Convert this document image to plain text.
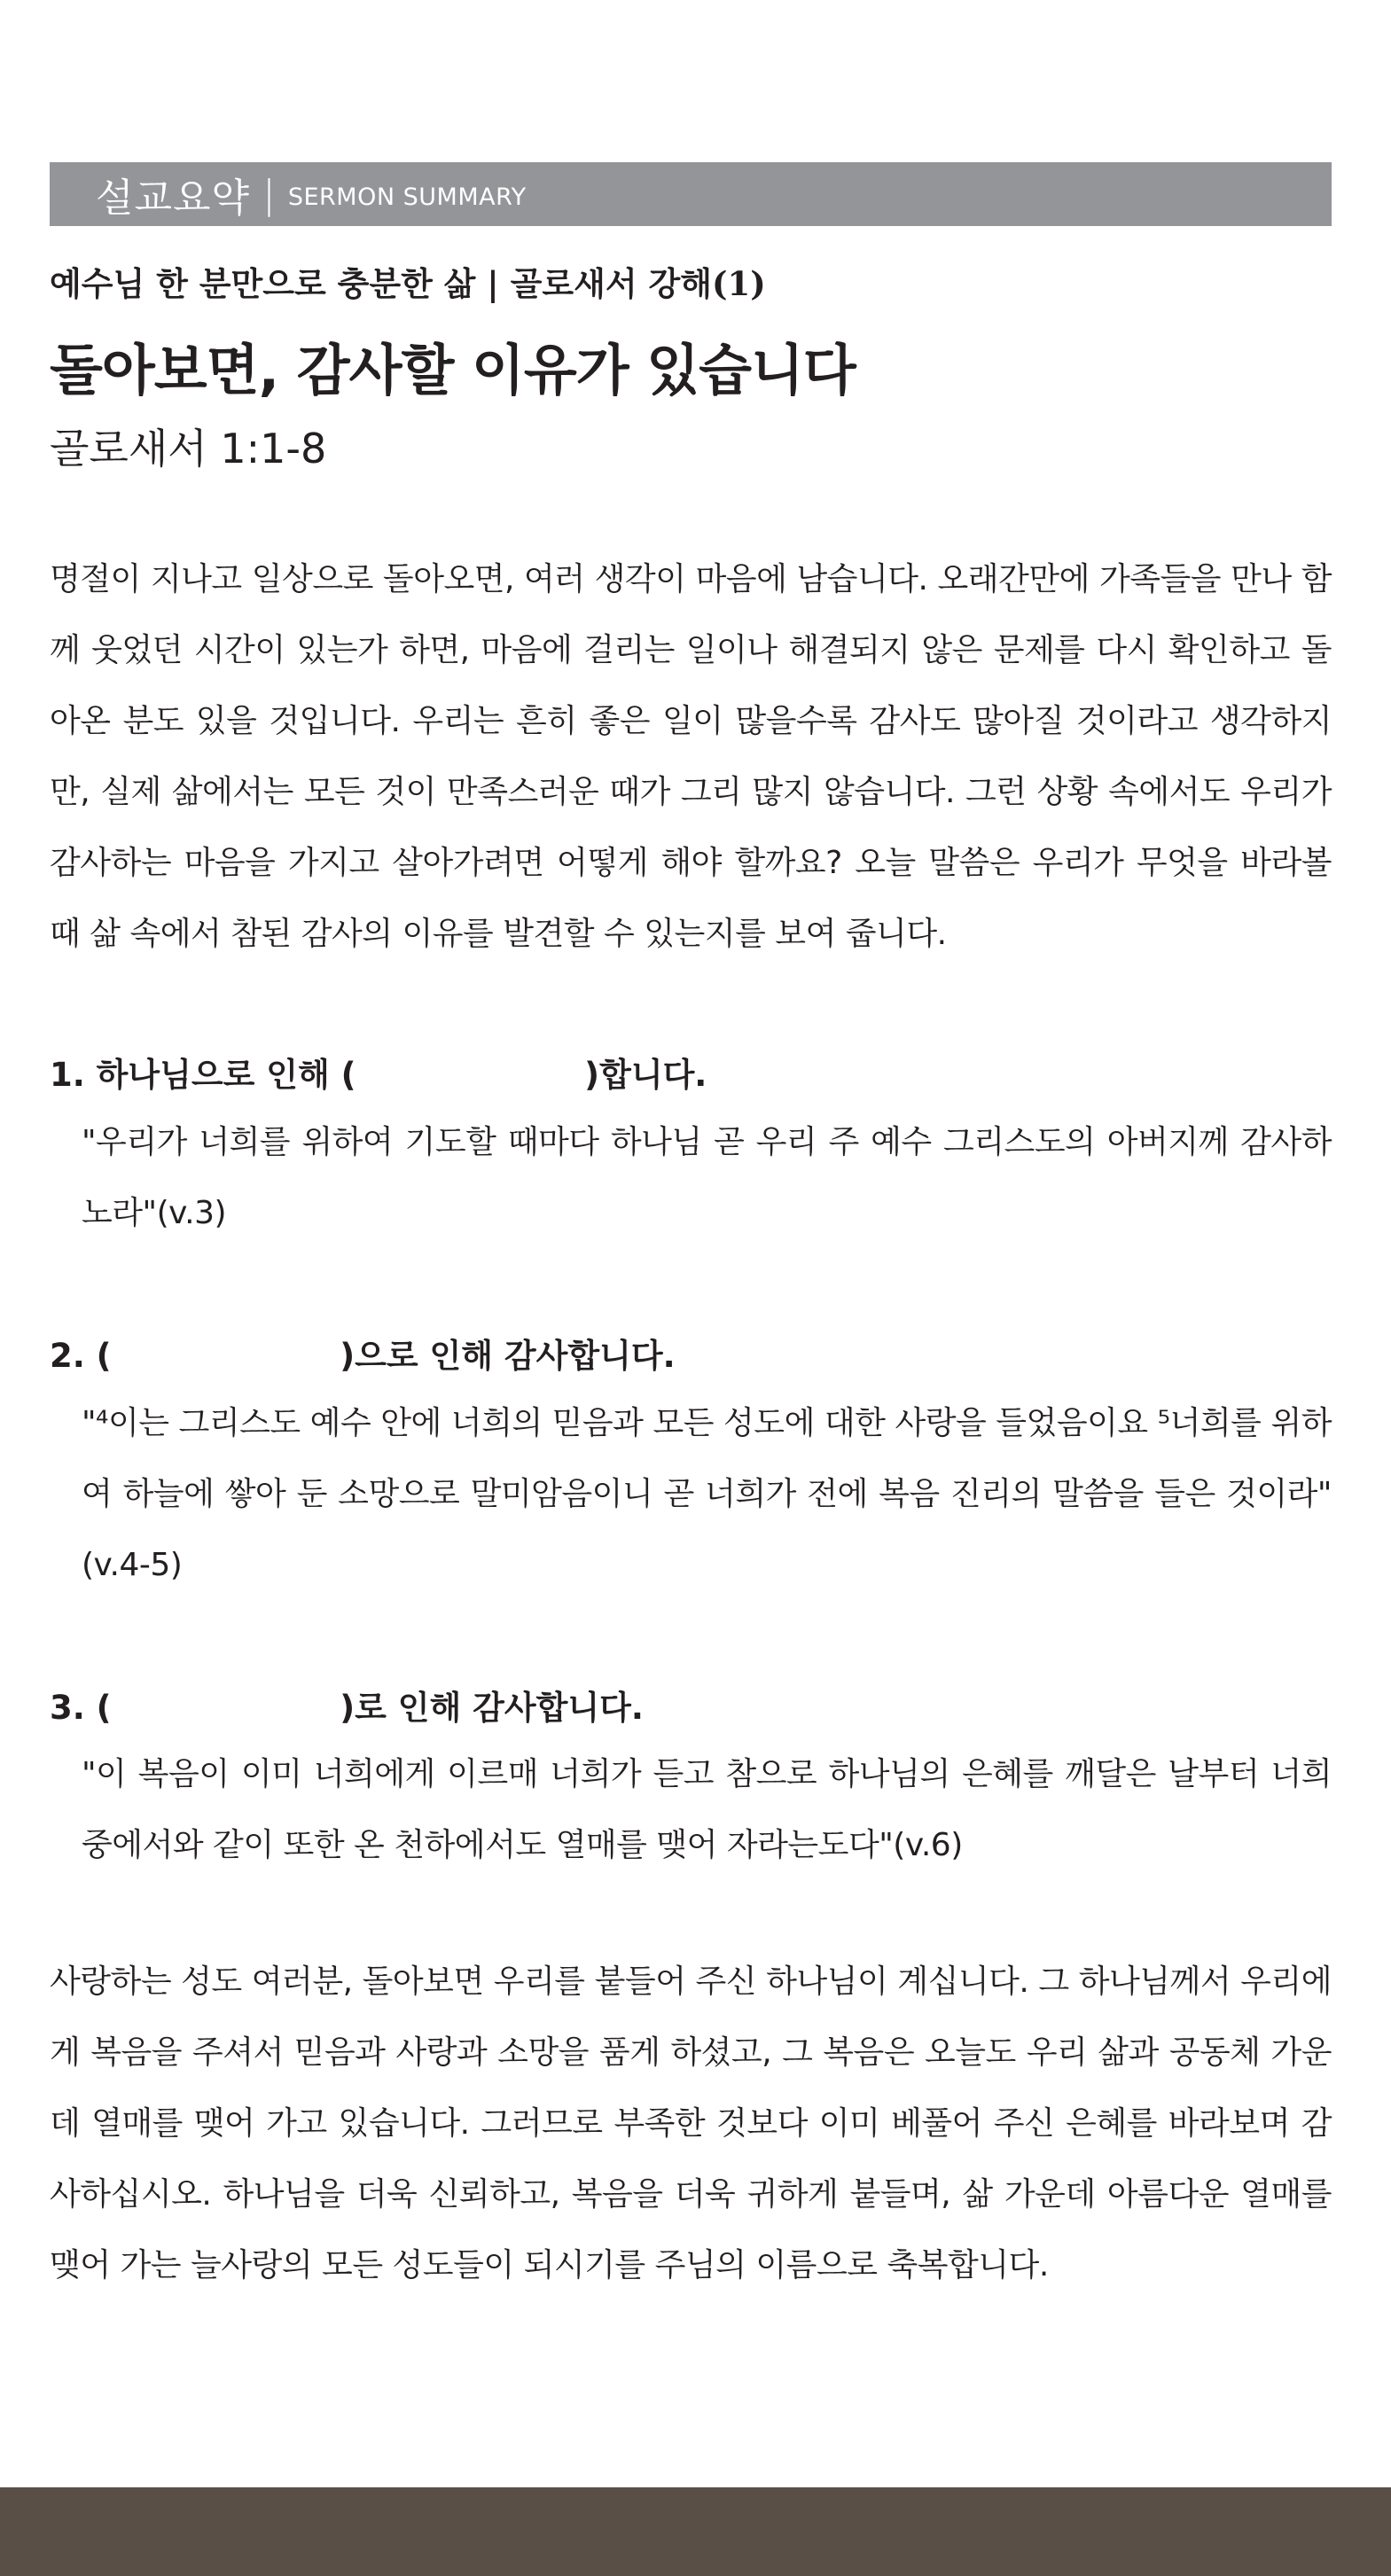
설교요약 | SERMON SUMMARY
예수님 한 분만으로 충분한 삶 | 골로새서 강해(1)
돌아보면, 감사할 이유가 있습니다
골로새서 1:1-8
명절이 지나고 일상으로 돌아오면, 여러 생각이 마음에 남습니다. 오래간만에 가족들을 만나 함께 웃었던 시간이 있는가 하면, 마음에 걸리는 일이나 해결되지 않은 문제를 다시 확인하고 돌아온 분도 있을 것입니다. 우리는 흔히 좋은 일이 많을수록 감사도 많아질 것이라고 생각하지만, 실제 삶에서는 모든 것이 만족스러운 때가 그리 많지 않습니다. 그런 상황 속에서도 우리가 감사하는 마음을 가지고 살아가려면 어떻게 해야 할까요? 오늘 말씀은 우리가 무엇을 바라볼 때 삶 속에서 참된 감사의 이유를 발견할 수 있는지를 보여 줍니다.
1. 하나님으로 인해 (                    )합니다.
"우리가 너희를 위하여 기도할 때마다 하나님 곧 우리 주 예수 그리스도의 아버지께 감사하노라"(v.3)
2. (                    )으로 인해 감사합니다.
"⁴이는 그리스도 예수 안에 너희의 믿음과 모든 성도에 대한 사랑을 들었음이요 ⁵너희를 위하여 하늘에 쌓아 둔 소망으로 말미암음이니 곧 너희가 전에 복음 진리의 말씀을 들은 것이라"(v.4-5)
3. (                    )로 인해 감사합니다.
"이 복음이 이미 너희에게 이르매 너희가 듣고 참으로 하나님의 은혜를 깨달은 날부터 너희 중에서와 같이 또한 온 천하에서도 열매를 맺어 자라는도다"(v.6)
사랑하는 성도 여러분, 돌아보면 우리를 붙들어 주신 하나님이 계십니다. 그 하나님께서 우리에게 복음을 주셔서 믿음과 사랑과 소망을 품게 하셨고, 그 복음은 오늘도 우리 삶과 공동체 가운데 열매를 맺어 가고 있습니다. 그러므로 부족한 것보다 이미 베풀어 주신 은혜를 바라보며 감사하십시오. 하나님을 더욱 신뢰하고, 복음을 더욱 귀하게 붙들며, 삶 가운데 아름다운 열매를 맺어 가는 늘사랑의 모든 성도들이 되시기를 주님의 이름으로 축복합니다.
